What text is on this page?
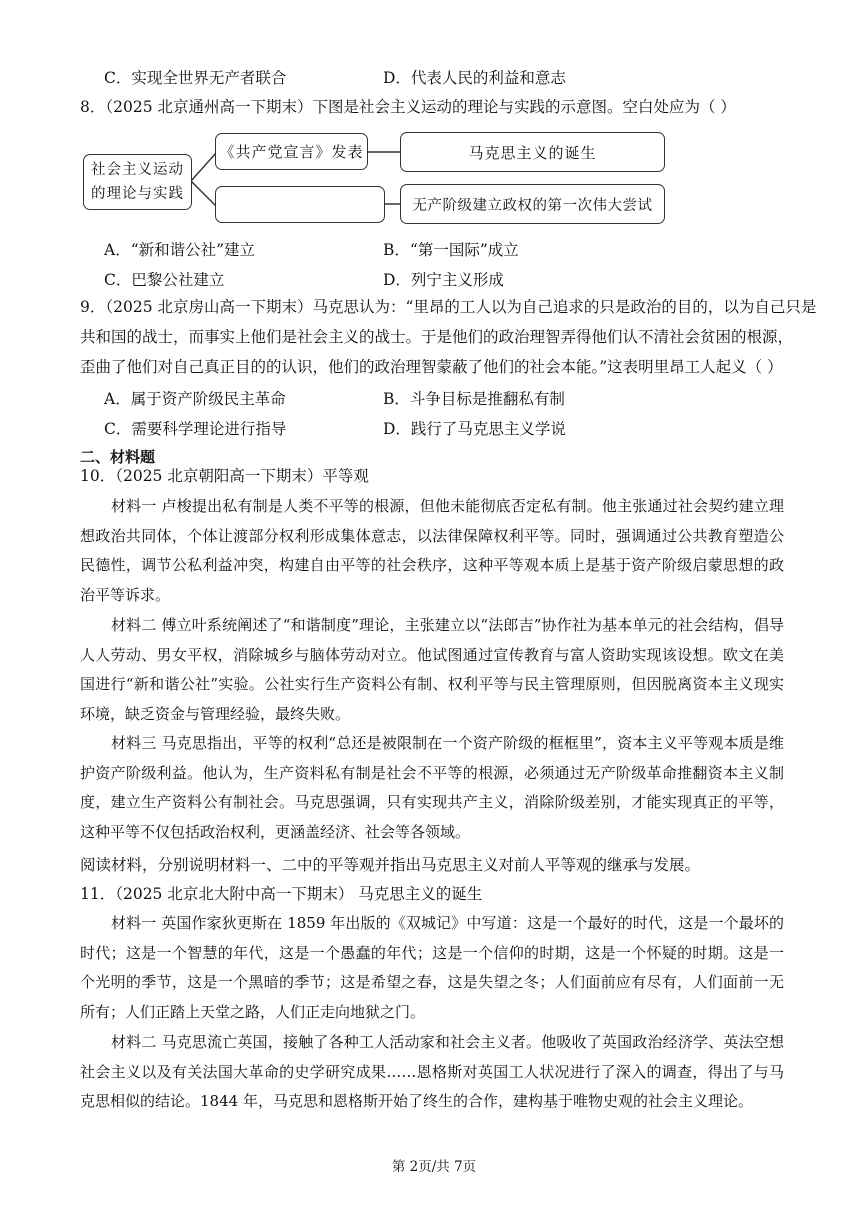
C．实现全世界无产者联合	D．代表人民的利益和意志
8．（2025 北京通州高一下期末）下图是社会主义运动的理论与实践的示意图。空白处应为（ ）
社会主义运动
的理论与实践
《共产党宣言》发表	马克思主义的诞生
无产阶级建立政权的第一次伟大尝试
A．“新和谐公社”建立	B．“第一国际”成立
C．巴黎公社建立	D．列宁主义形成
9．（2025 北京房山高一下期末）马克思认为：“里昂的工人以为自己追求的只是政治的目的，以为自己只是
共和国的战士，而事实上他们是社会主义的战士。于是他们的政治理智弄得他们认不清社会贫困的根源，
歪曲了他们对自己真正目的的认识，他们的政治理智蒙蔽了他们的社会本能。”这表明里昂工人起义（ ）
A．属于资产阶级民主革命	B．斗争目标是推翻私有制
C．需要科学理论进行指导	D．践行了马克思主义学说
二、材料题
10．（2025 北京朝阳高一下期末）平等观
材料一 卢梭提出私有制是人类不平等的根源，但他未能彻底否定私有制。他主张通过社会契约建立理想政治共同体，个体让渡部分权利形成集体意志，以法律保障权利平等。同时，强调通过公共教育塑造公民德性，调节公私利益冲突，构建自由平等的社会秩序，这种平等观本质上是基于资产阶级启蒙思想的政治平等诉求。
材料二 傅立叶系统阐述了“和谐制度”理论，主张建立以“法郎吉”协作社为基本单元的社会结构，倡导人人劳动、男女平权，消除城乡与脑体劳动对立。他试图通过宣传教育与富人资助实现该设想。欧文在美国进行“新和谐公社”实验。公社实行生产资料公有制、权利平等与民主管理原则，但因脱离资本主义现实环境，缺乏资金与管理经验，最终失败。
材料三 马克思指出，平等的权利“总还是被限制在一个资产阶级的框框里”，资本主义平等观本质是维护资产阶级利益。他认为，生产资料私有制是社会不平等的根源，必须通过无产阶级革命推翻资本主义制度，建立生产资料公有制社会。马克思强调，只有实现共产主义，消除阶级差别，才能实现真正的平等，这种平等不仅包括政治权利，更涵盖经济、社会等各领域。
阅读材料，分别说明材料一、二中的平等观并指出马克思主义对前人平等观的继承与发展。
11．（2025 北京北大附中高一下期末） 马克思主义的诞生
材料一 英国作家狄更斯在 1859 年出版的《双城记》中写道：这是一个最好的时代，这是一个最坏的时代；这是一个智慧的年代，这是一个愚蠢的年代；这是一个信仰的时期，这是一个怀疑的时期。这是一个光明的季节，这是一个黑暗的季节；这是希望之春，这是失望之冬；人们面前应有尽有，人们面前一无所有；人们正踏上天堂之路，人们正走向地狱之门。
材料二 马克思流亡英国，接触了各种工人活动家和社会主义者。他吸收了英国政治经济学、英法空想社会主义以及有关法国大革命的史学研究成果……恩格斯对英国工人状况进行了深入的调查，得出了与马克思相似的结论。1844 年，马克思和恩格斯开始了终生的合作，建构基于唯物史观的社会主义理论。
第 2页/共 7页
